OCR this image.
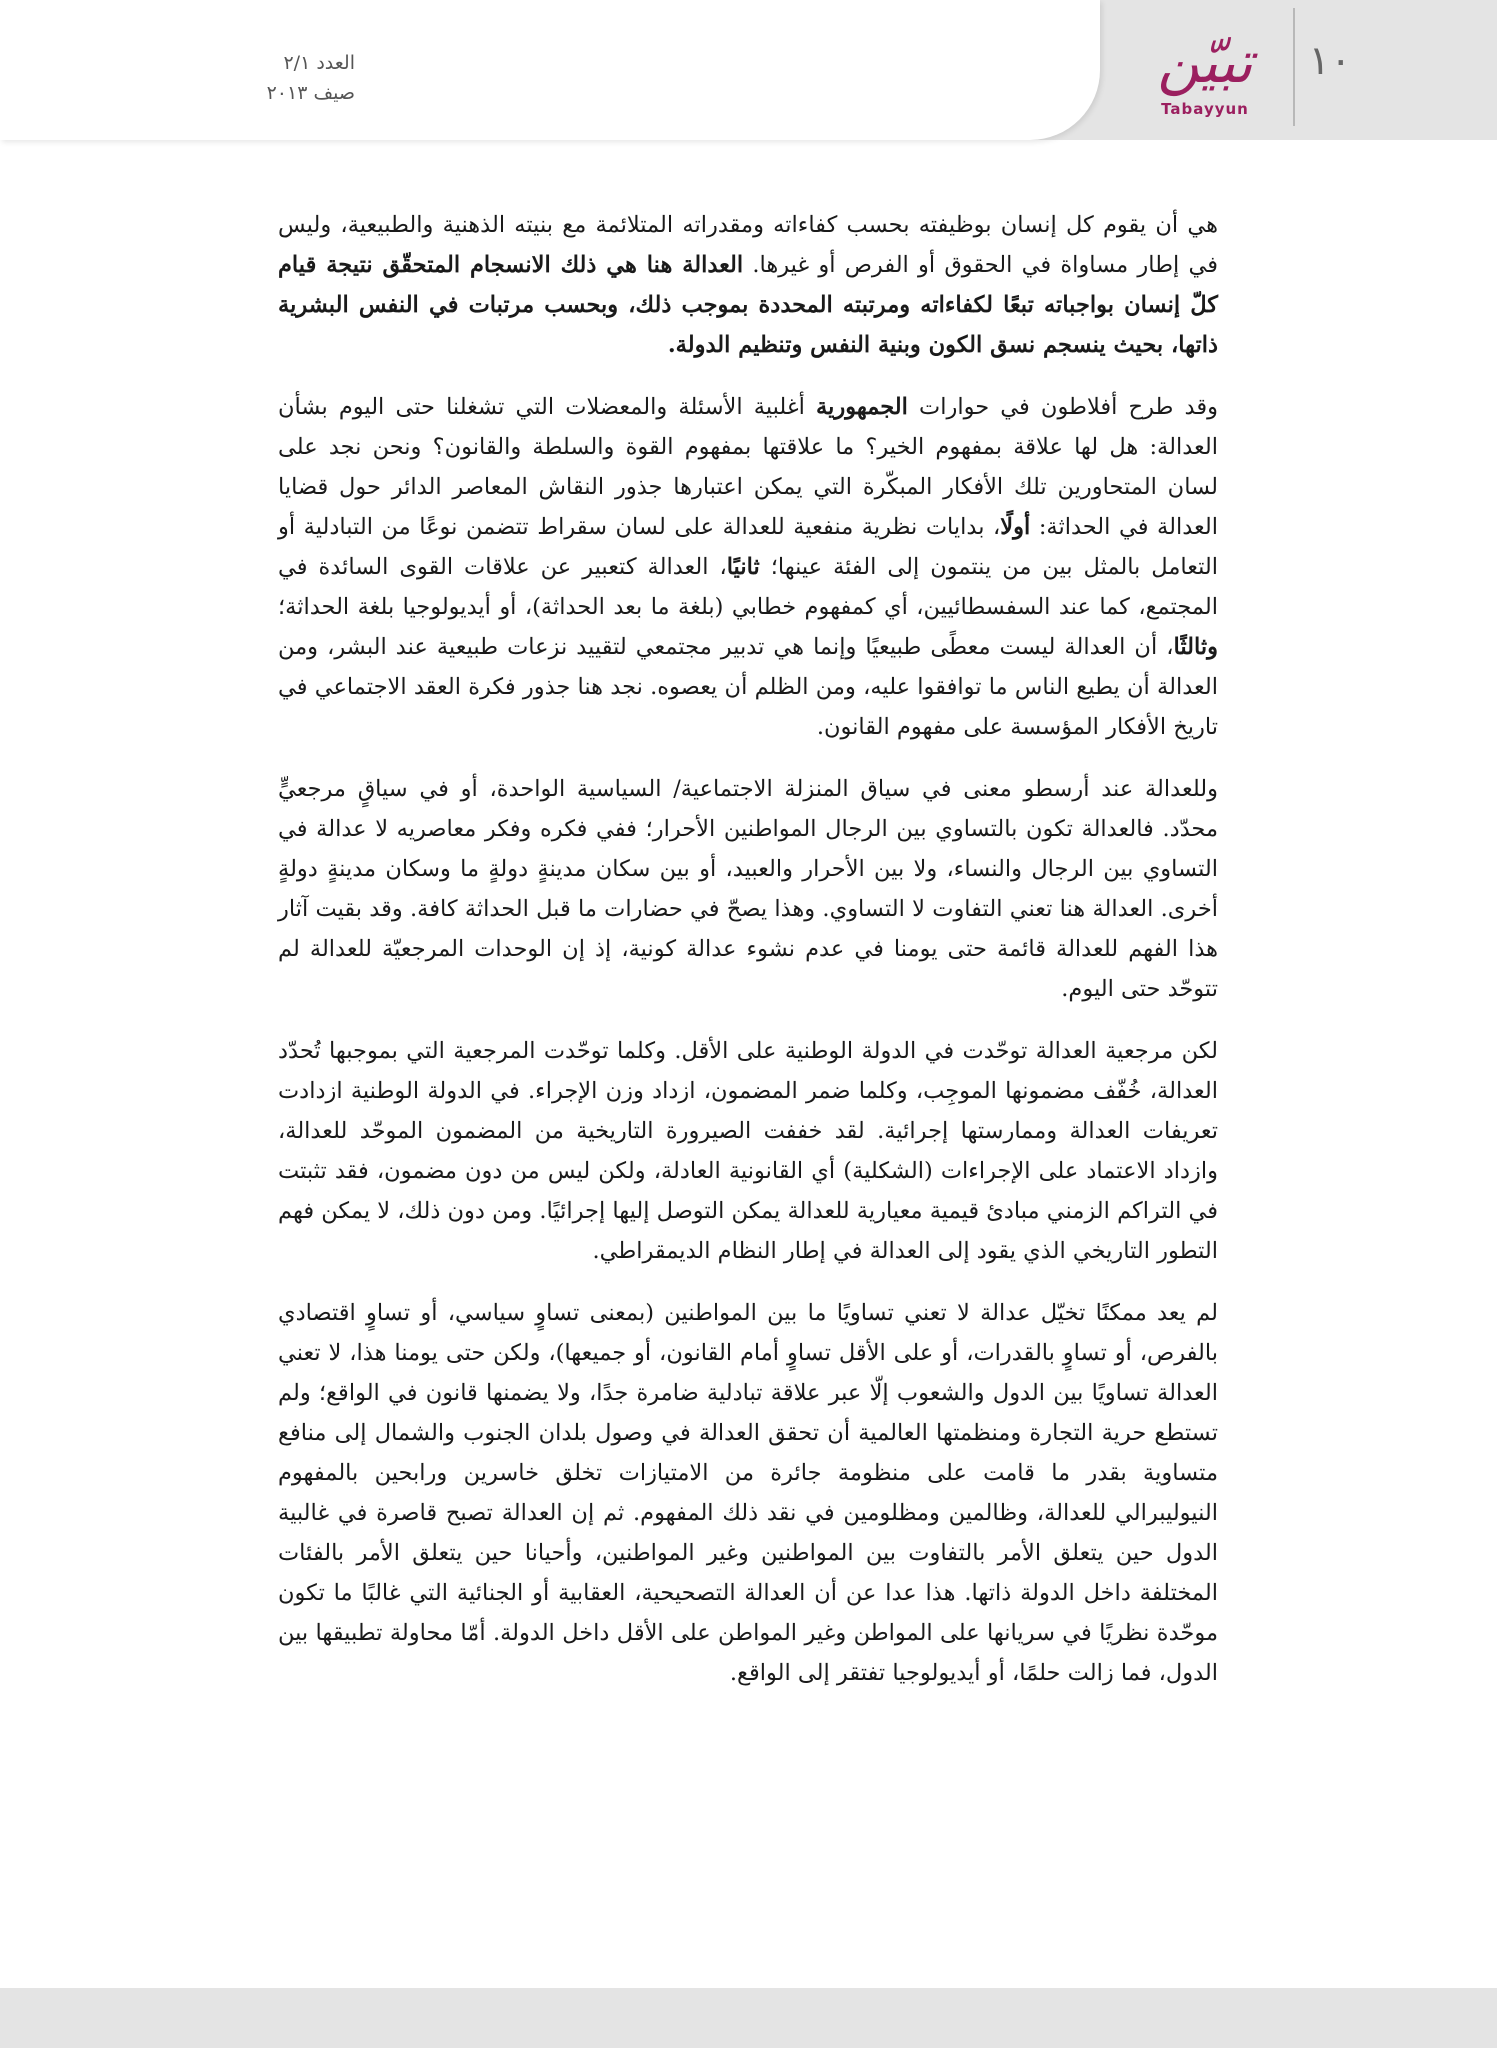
العدد ٢/١
صيف ٢٠١٣	تبيّن
Tabayyun
١٠

هي أن يقوم كل إنسان بوظيفته بحسب كفاءاته ومقدراته المتلائمة مع بنيته الذهنية والطبيعية، وليس في إطار مساواة في الحقوق أو الفرص أو غيرها. العدالة هنا هي ذلك الانسجام المتحقّق نتيجة قيام كلّ إنسان بواجباته تبعًا لكفاءاته ومرتبته المحددة بموجب ذلك، وبحسب مرتبات في النفس البشرية ذاتها، بحيث ينسجم نسق الكون وبنية النفس وتنظيم الدولة.

وقد طرح أفلاطون في حوارات الجمهورية أغلبية الأسئلة والمعضلات التي تشغلنا حتى اليوم بشأن العدالة: هل لها علاقة بمفهوم الخير؟ ما علاقتها بمفهوم القوة والسلطة والقانون؟ ونحن نجد على لسان المتحاورين تلك الأفكار المبكّرة التي يمكن اعتبارها جذور النقاش المعاصر الدائر حول قضايا العدالة في الحداثة: أولًا، بدايات نظرية منفعية للعدالة على لسان سقراط تتضمن نوعًا من التبادلية أو التعامل بالمثل بين من ينتمون إلى الفئة عينها؛ ثانيًا، العدالة كتعبير عن علاقات القوى السائدة في المجتمع، كما عند السفسطائيين، أي كمفهوم خطابي (بلغة ما بعد الحداثة)، أو أيديولوجيا بلغة الحداثة؛ وثالثًا، أن العدالة ليست معطًى طبيعيًا وإنما هي تدبير مجتمعي لتقييد نزعات طبيعية عند البشر، ومن العدالة أن يطيع الناس ما توافقوا عليه، ومن الظلم أن يعصوه. نجد هنا جذور فكرة العقد الاجتماعي في تاريخ الأفكار المؤسسة على مفهوم القانون.

وللعدالة عند أرسطو معنى في سياق المنزلة الاجتماعية/ السياسية الواحدة، أو في سياقٍ مرجعيٍّ محدّد. فالعدالة تكون بالتساوي بين الرجال المواطنين الأحرار؛ ففي فكره وفكر معاصريه لا عدالة في التساوي بين الرجال والنساء، ولا بين الأحرار والعبيد، أو بين سكان مدينةٍ دولةٍ ما وسكان مدينةٍ دولةٍ أخرى. العدالة هنا تعني التفاوت لا التساوي. وهذا يصحّ في حضارات ما قبل الحداثة كافة. وقد بقيت آثار هذا الفهم للعدالة قائمة حتى يومنا في عدم نشوء عدالة كونية، إذ إن الوحدات المرجعيّة للعدالة لم تتوحّد حتى اليوم.

لكن مرجعية العدالة توحّدت في الدولة الوطنية على الأقل. وكلما توحّدت المرجعية التي بموجبها تُحدّد العدالة، خُفّف مضمونها الموجِب، وكلما ضمر المضمون، ازداد وزن الإجراء. في الدولة الوطنية ازدادت تعريفات العدالة وممارستها إجرائية. لقد خففت الصيرورة التاريخية من المضمون الموحّد للعدالة، وازداد الاعتماد على الإجراءات (الشكلية) أي القانونية العادلة، ولكن ليس من دون مضمون، فقد تثبتت في التراكم الزمني مبادئ قيمية معيارية للعدالة يمكن التوصل إليها إجرائيًا. ومن دون ذلك، لا يمكن فهم التطور التاريخي الذي يقود إلى العدالة في إطار النظام الديمقراطي.

لم يعد ممكنًا تخيّل عدالة لا تعني تساويًا ما بين المواطنين (بمعنى تساوٍ سياسي، أو تساوٍ اقتصادي بالفرص، أو تساوٍ بالقدرات، أو على الأقل تساوٍ أمام القانون، أو جميعها)، ولكن حتى يومنا هذا، لا تعني العدالة تساويًا بين الدول والشعوب إلّا عبر علاقة تبادلية ضامرة جدًا، ولا يضمنها قانون في الواقع؛ ولم تستطع حرية التجارة ومنظمتها العالمية أن تحقق العدالة في وصول بلدان الجنوب والشمال إلى منافع متساوية بقدر ما قامت على منظومة جائرة من الامتيازات تخلق خاسرين ورابحين بالمفهوم النيوليبرالي للعدالة، وظالمين ومظلومين في نقد ذلك المفهوم. ثم إن العدالة تصبح قاصرة في غالبية الدول حين يتعلق الأمر بالتفاوت بين المواطنين وغير المواطنين، وأحيانا حين يتعلق الأمر بالفئات المختلفة داخل الدولة ذاتها. هذا عدا عن أن العدالة التصحيحية، العقابية أو الجنائية التي غالبًا ما تكون موحّدة نظريًا في سريانها على المواطن وغير المواطن على الأقل داخل الدولة. أمّا محاولة تطبيقها بين الدول، فما زالت حلمًا، أو أيديولوجيا تفتقر إلى الواقع.
